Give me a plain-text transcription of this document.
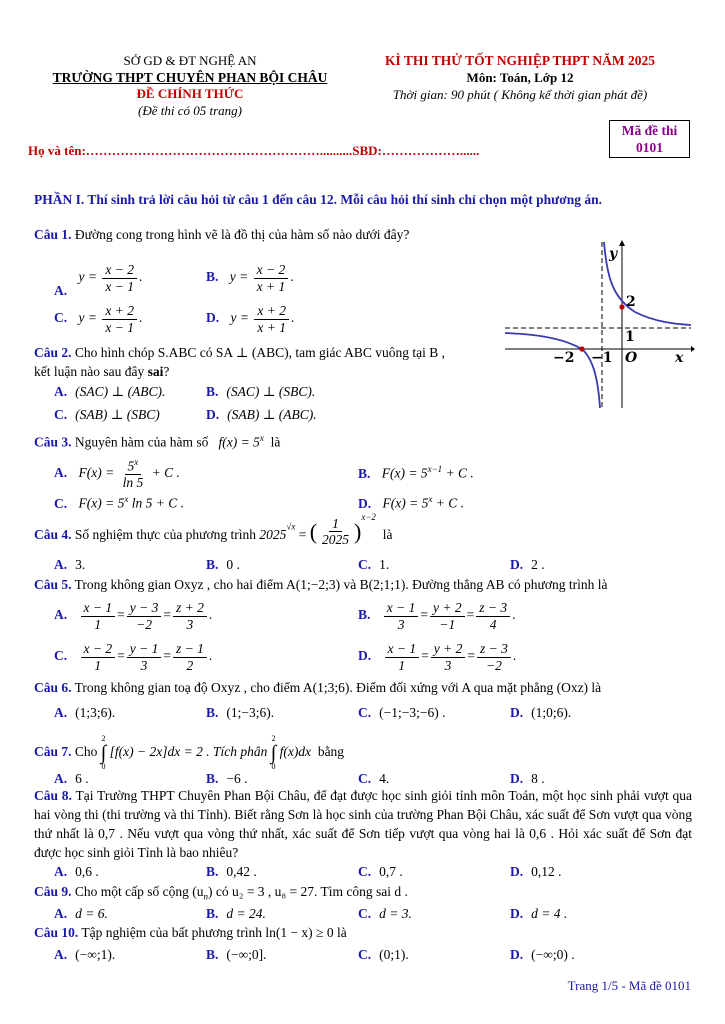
SỞ GD & ĐT NGHỆ AN
TRƯỜNG THPT CHUYÊN PHAN BỘI CHÂU
ĐỀ CHÍNH THỨC
(Đề thi có 05 trang)
KÌ THI THỬ TỐT NGHIỆP THPT NĂM 2025
Môn: Toán, Lớp 12
Thời gian: 90 phút ( Không kể thời gian phát đề)
Họ và tên:………………………………………………..........SBD:………………......
Mã đề thi
0101
PHẦN I. Thí sinh trả lời câu hỏi từ câu 1 đến câu 12. Mỗi câu hỏi thí sinh chỉ chọn một phương án.
Câu 1. Đường cong trong hình vẽ là đồ thị của hàm số nào dưới đây?
A. $y = \frac{x - 2}{x - 1}$ .	B. $y = \frac{x - 2}{x + 1}$ .
C. $y = \frac{x + 2}{x - 1}$ .	D. $y = \frac{x + 2}{x + 1}$ .
y
x
O
2
1
−2 −1
Câu 2. Cho hình chóp S.ABC có SA ⊥ (ABC), tam giác ABC vuông tại B ,
kết luận nào sau đây sai?
A. (SAC) ⊥ (ABC).	B. (SAC) ⊥ (SBC).
C. (SAB) ⊥ (SBC)	D. (SAB) ⊥ (ABC).
Câu 3. Nguyên hàm của hàm số $f(x) = 5^x$ là
A. $F(x) = \frac{5^x}{\ln 5} + C$ .	B. $F(x) = 5^{x-1} + C$ .
C. $F(x) = 5^x$ ln 5 + C .	D. $F(x) = 5^x + C$ .
Câu 4. Số nghiệm thực của phương trình $2025^{√x}$ = ( $\frac{1}{2025} )^{x-2}$  là
A. 3.	B. 0 .	C. 1.	D. 2 .
Câu 5. Trong không gian Oxyz , cho hai điểm A(1;−2;3) và B(2;1;1). Đường thẳng AB có phương trình là
A. $\frac{x - 1}{1} = \frac{y - 3}{-2} = \frac{z + 2}{3}$ .	B. $\frac{x - 1}{3} = \frac{y + 2}{-1} = \frac{z - 3}{4}$ .
C. $\frac{x - 2}{1} = \frac{y - 1}{3} = \frac{z - 1}{2}$ .	D. $\frac{x - 1}{1} = \frac{y + 2}{3} = \frac{z - 3}{-2}$ .
Câu 6. Trong không gian toạ độ Oxyz , cho điểm A(1;3;6). Điểm đối xứng với A qua mặt phẳng (Oxz) là
A. (1;3;6).	B. (1;−3;6).	C. (−1;−3;−6) .	D. (1;0;6).
Câu 7. Cho
2
∫
0
[f(x) − 2x]dx = 2 . Tích phân
2
∫
0
f(x)dx bằng
A. 6 .	B. −6 .	C. 4.	D. 8 .
Câu 8. Tại Trường THPT Chuyên Phan Bội Châu, để đạt được học sinh giỏi tỉnh môn Toán, một học sinh phải vượt qua hai vòng thi (thi trường và thi Tỉnh). Biết rằng Sơn là học sinh của trường Phan Bội Châu, xác suất để Sơn vượt qua vòng thứ nhất là 0,7 . Nếu vượt qua vòng thứ nhất, xác suất để Sơn tiếp vượt qua vòng hai là 0,6 . Hỏi xác suất để Sơn đạt được học sinh giỏi Tỉnh là bao nhiêu?
A. 0,6 .	B. 0,42 .	C. 0,7 .	D. 0,12 .
Câu 9. Cho một cấp số cộng $(u_n)$ có u₂ = 3 , u₈ = 27. Tìm công sai d .
A. d = 6.	B. d = 24.	C. d = 3.	D. d = 4 .
Câu 10. Tập nghiệm của bất phương trình ln(1 − x) ≥ 0 là
A. (−∞;1).	B. (−∞;0].	C. (0;1).	D. (−∞;0) .
Trang 1/5 - Mã đề 0101
